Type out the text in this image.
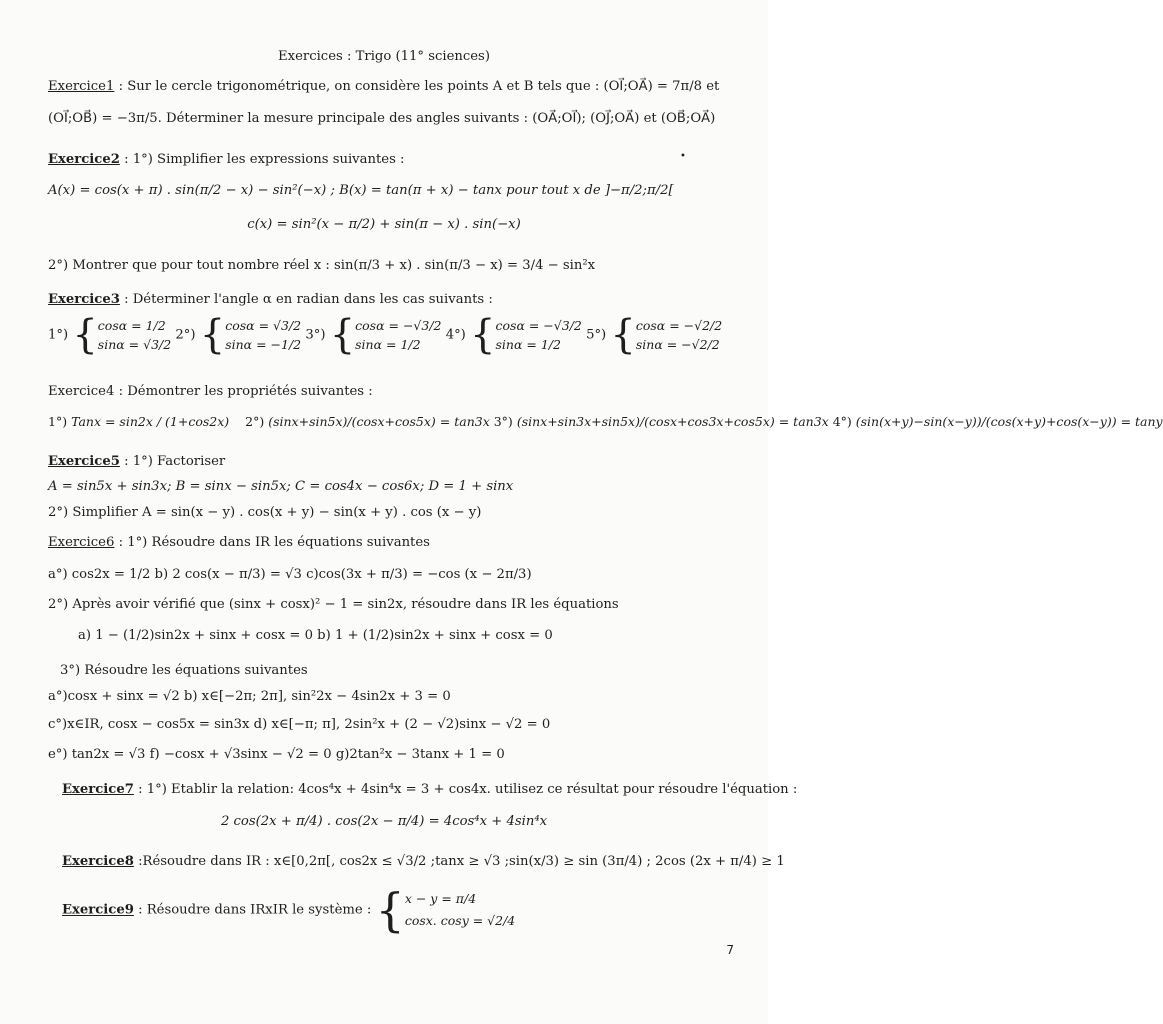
Exercices : Trigo (11° sciences)
Exercice1 : Sur le cercle trigonométrique, on considère les points A et B tels que : (OI⃗;OA⃗) = 7π/8 et
(OI⃗;OB⃗) = −3π/5. Déterminer la mesure principale des angles suivants : (OA⃗;OI⃗); (OJ⃗;OA⃗) et (OB⃗;OA⃗)
Exercice2 : 1°) Simplifier les expressions suivantes :	•
A(x) = cos(x + π) . sin(π/2 − x) − sin²(−x) ; B(x) = tan(π + x) − tanx pour tout x de ]−π/2;π/2[
c(x) = sin²(x − π/2) + sin(π − x) . sin(−x)
2°) Montrer que pour tout nombre réel x : sin(π/3 + x) . sin(π/3 − x) = 3/4 − sin²x
Exercice3 : Déterminer l'angle α en radian dans les cas suivants :
1°) {cosα = 1/2
sinα = √3/2 2°) {cosα = √3/2
sinα = −1/2 3°) {cosα = −√3/2
sinα = 1/2 4°) {cosα = −√3/2
sinα = 1/2 5°) {cosα = −√2/2
sinα = −√2/2
Exercice4 : Démontrer les propriétés suivantes :
1°) Tanx = sin2x / (1+cos2x) 2°) (sinx+sin5x)/(cosx+cos5x) = tan3x 3°) (sinx+sin3x+sin5x)/(cosx+cos3x+cos5x) = tan3x 4°) (sin(x+y)−sin(x−y))/(cos(x+y)+cos(x−y)) = tany
Exercice5 : 1°) Factoriser
A = sin5x + sin3x; B = sinx − sin5x; C = cos4x − cos6x; D = 1 + sinx
2°) Simplifier A = sin(x − y) . cos(x + y) − sin(x + y) . cos (x − y)
Exercice6 : 1°) Résoudre dans IR les équations suivantes
a°) cos2x = 1/2 b) 2 cos(x − π/3) = √3 c)cos(3x + π/3) = −cos (x − 2π/3)
2°) Après avoir vérifié que (sinx + cosx)² − 1 = sin2x, résoudre dans IR les équations
a) 1 − (1/2)sin2x + sinx + cosx = 0 b) 1 + (1/2)sin2x + sinx + cosx = 0
3°) Résoudre les équations suivantes
a°)cosx + sinx = √2 b) x∈[−2π; 2π], sin²2x − 4sin2x + 3 = 0
c°)x∈IR, cosx − cos5x = sin3x d) x∈[−π; π], 2sin²x + (2 − √2)sinx − √2 = 0
e°) tan2x = √3 f) −cosx + √3sinx − √2 = 0 g)2tan²x − 3tanx + 1 = 0
Exercice7 : 1°) Etablir la relation: 4cos⁴x + 4sin⁴x = 3 + cos4x. utilisez ce résultat pour résoudre l'équation :
2 cos(2x + π/4) . cos(2x − π/4) = 4cos⁴x + 4sin⁴x
Exercice8 :Résoudre dans IR : x∈[0,2π[, cos2x ≤ √3/2 ;tanx ≥ √3 ;sin(x/3) ≥ sin (3π/4) ; 2cos (2x + π/4) ≥ 1
Exercice9 : Résoudre dans IRxIR le système : {x − y = π/4
cosx. cosy = √2/4
7
